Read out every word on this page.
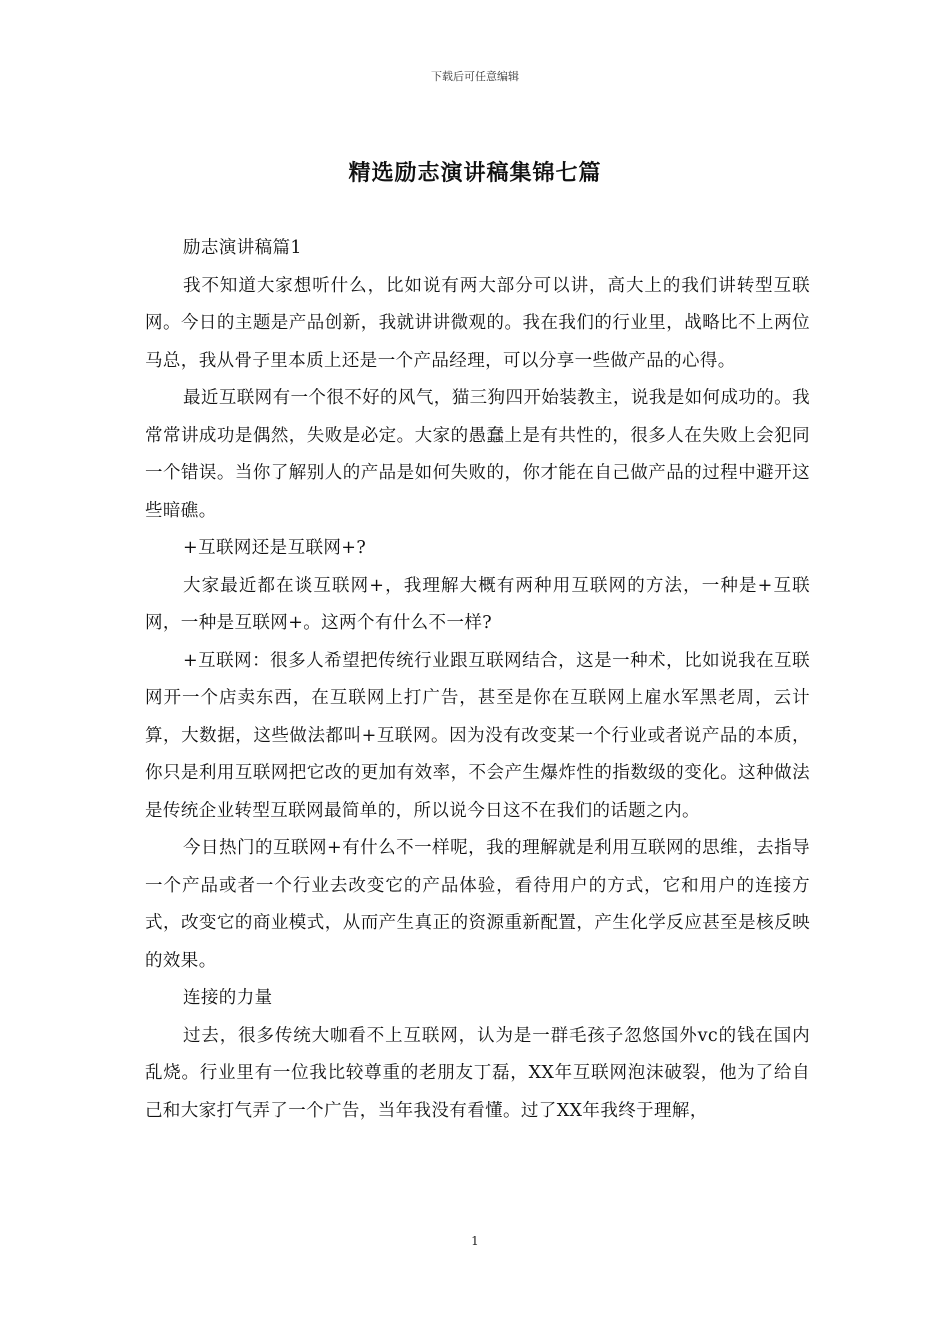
下载后可任意编辑
精选励志演讲稿集锦七篇

励志演讲稿篇1

我不知道大家想听什么，比如说有两大部分可以讲，高大上的我们讲转型互联网。今日的主题是产品创新，我就讲讲微观的。我在我们的行业里，战略比不上两位马总，我从骨子里本质上还是一个产品经理，可以分享一些做产品的心得。

最近互联网有一个很不好的风气，猫三狗四开始装教主，说我是如何成功的。我常常讲成功是偶然，失败是必定。大家的愚蠢上是有共性的，很多人在失败上会犯同一个错误。当你了解别人的产品是如何失败的，你才能在自己做产品的过程中避开这些暗礁。

+互联网还是互联网+?

大家最近都在谈互联网+，我理解大概有两种用互联网的方法，一种是+互联网，一种是互联网+。这两个有什么不一样?

+互联网：很多人希望把传统行业跟互联网结合，这是一种术，比如说我在互联网开一个店卖东西，在互联网上打广告，甚至是你在互联网上雇水军黑老周，云计算，大数据，这些做法都叫+互联网。因为没有改变某一个行业或者说产品的本质，你只是利用互联网把它改的更加有效率，不会产生爆炸性的指数级的变化。这种做法是传统企业转型互联网最简单的，所以说今日这不在我们的话题之内。

今日热门的互联网+有什么不一样呢，我的理解就是利用互联网的思维，去指导一个产品或者一个行业去改变它的产品体验，看待用户的方式，它和用户的连接方式，改变它的商业模式，从而产生真正的资源重新配置，产生化学反应甚至是核反映的效果。

连接的力量

过去，很多传统大咖看不上互联网，认为是一群毛孩子忽悠国外vc的钱在国内乱烧。行业里有一位我比较尊重的老朋友丁磊，XX年互联网泡沫破裂，他为了给自己和大家打气弄了一个广告，当年我没有看懂。过了XX年我终于理解，

1
